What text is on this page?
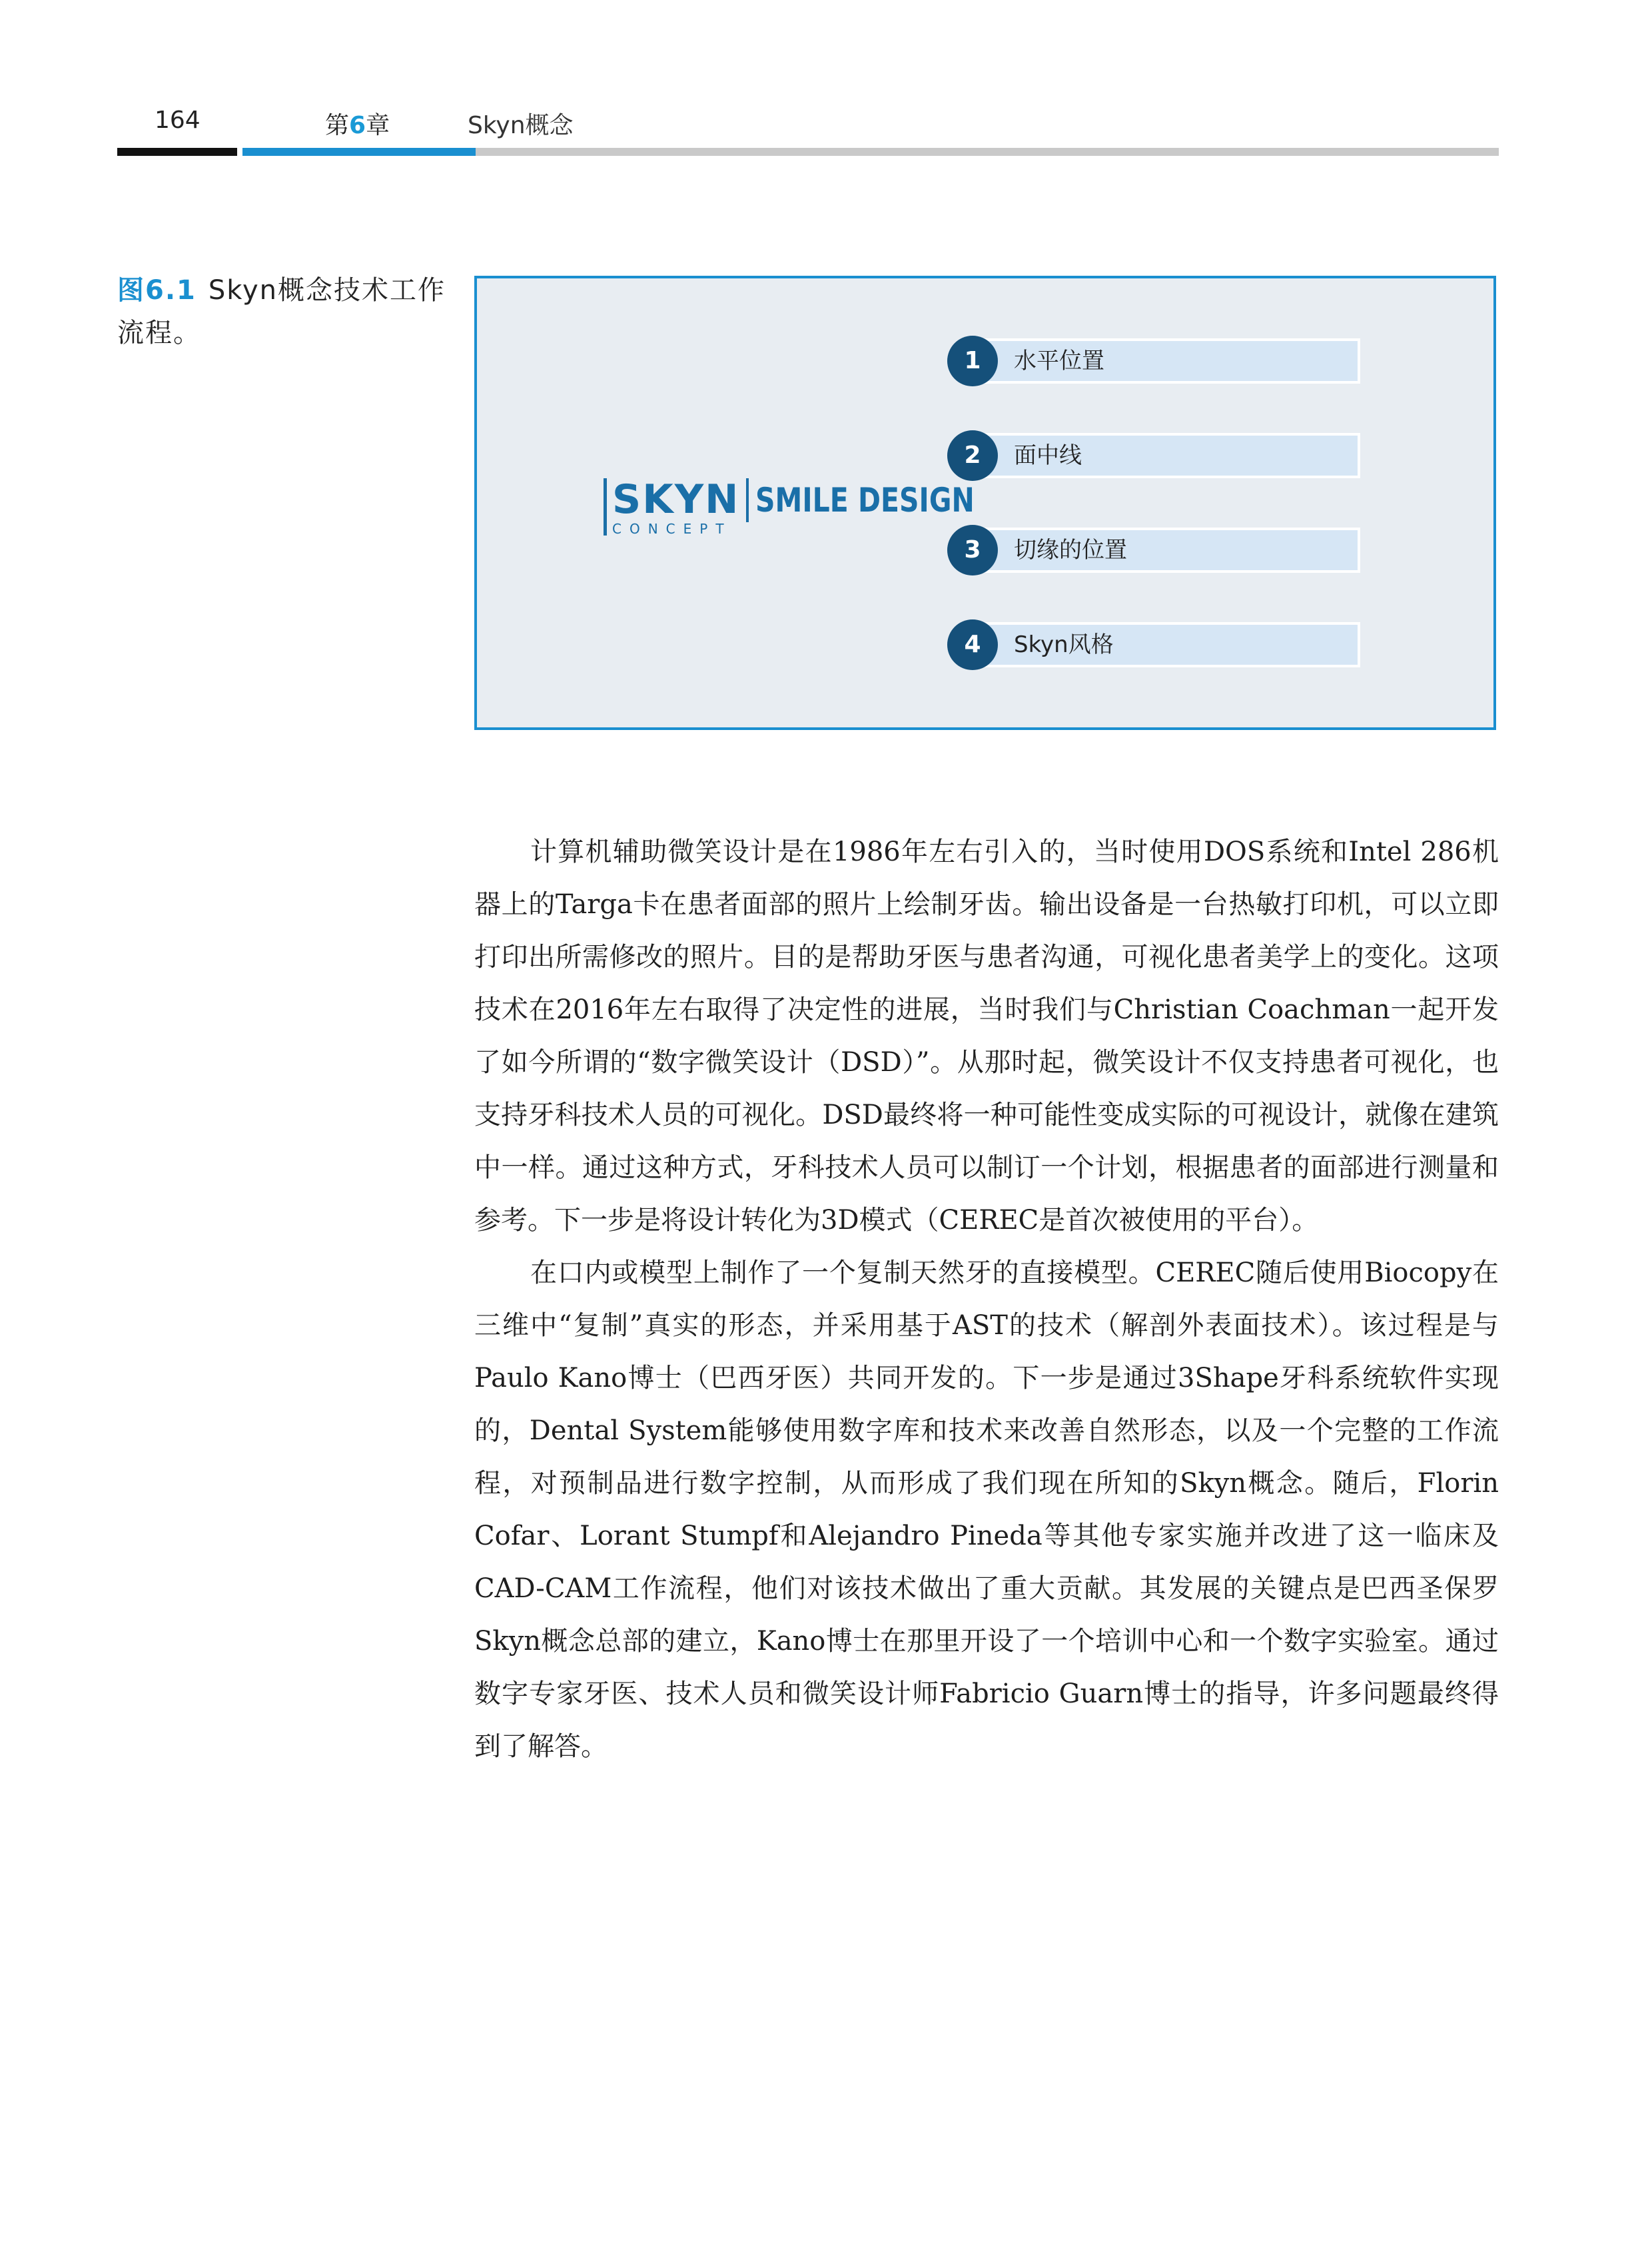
164	第6章	Skyn概念
图6.1 Skyn概念技术工作流程。
SKYN
CONCEPT
SMILE DESIGN
水平位置
1
面中线
2
切缘的位置
3
Skyn风格
4

计算机辅助微笑设计是在1986年左右引入的，当时使用DOS系统和Intel 286机器上的Targa卡在患者面部的照片上绘制牙齿。输出设备是一台热敏打印机，可以立即打印出所需修改的照片。目的是帮助牙医与患者沟通，可视化患者美学上的变化。这项技术在2016年左右取得了决定性的进展，当时我们与Christian Coachman一起开发了如今所谓的“数字微笑设计（DSD）”。从那时起，微笑设计不仅支持患者可视化，也支持牙科技术人员的可视化。DSD最终将一种可能性变成实际的可视设计，就像在建筑中一样。通过这种方式，牙科技术人员可以制订一个计划，根据患者的面部进行测量和参考。下一步是将设计转化为3D模式（CEREC是首次被使用的平台）。

在口内或模型上制作了一个复制天然牙的直接模型。CEREC随后使用Biocopy在三维中“复制”真实的形态，并采用基于AST的技术（解剖外表面技术）。该过程是与Paulo Kano博士（巴西牙医）共同开发的。下一步是通过3Shape牙科系统软件实现的，Dental System能够使用数字库和技术来改善自然形态，以及一个完整的工作流程，对预制品进行数字控制，从而形成了我们现在所知的Skyn概念。随后，Florin Cofar、Lorant Stumpf和Alejandro Pineda等其他专家实施并改进了这一临床及CAD-CAM工作流程，他们对该技术做出了重大贡献。其发展的关键点是巴西圣保罗Skyn概念总部的建立，Kano博士在那里开设了一个培训中心和一个数字实验室。通过数字专家牙医、技术人员和微笑设计师Fabricio Guarn博士的指导，许多问题最终得到了解答。
